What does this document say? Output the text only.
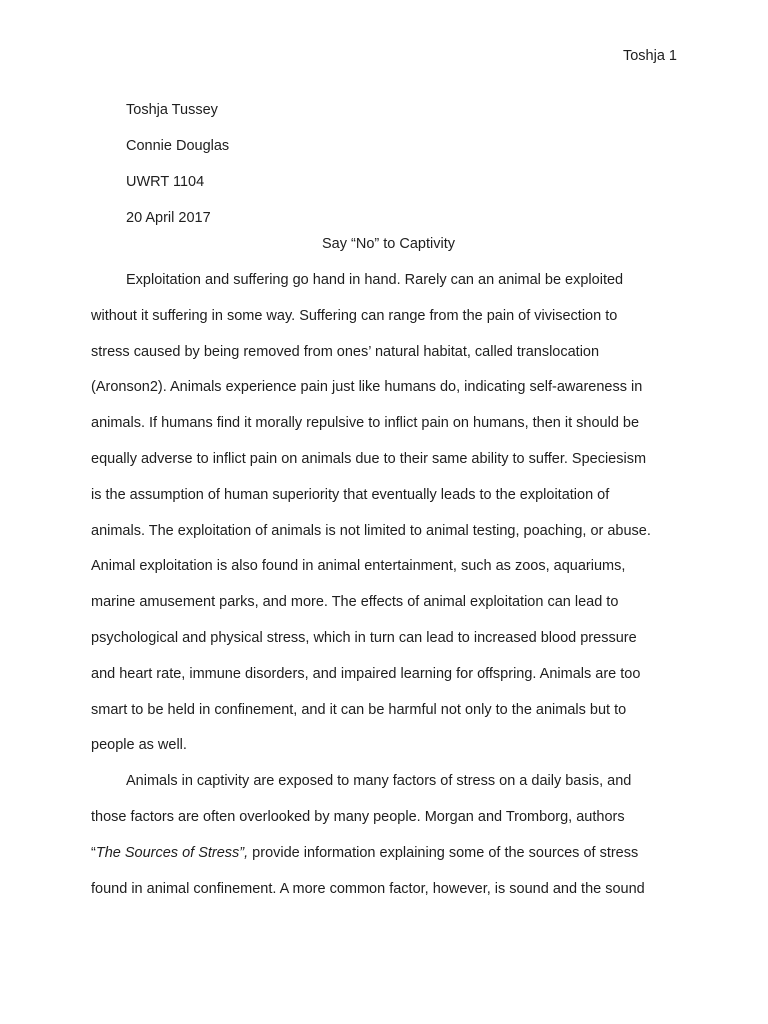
Toshja 1
Toshja Tussey
Connie Douglas
UWRT 1104
20 April 2017
Say “No” to Captivity
Exploitation and suffering go hand in hand. Rarely can an animal be exploited
without it suffering in some way. Suffering can range from the pain of vivisection to
stress caused by being removed from ones’ natural habitat, called translocation
(Aronson2). Animals experience pain just like humans do, indicating self-awareness in
animals. If humans find it morally repulsive to inflict pain on humans, then it should be
equally adverse to inflict pain on animals due to their same ability to suffer. Speciesism
is the assumption of human superiority that eventually leads to the exploitation of
animals. The exploitation of animals is not limited to animal testing, poaching, or abuse.
Animal exploitation is also found in animal entertainment, such as zoos, aquariums,
marine amusement parks, and more. The effects of animal exploitation can lead to
psychological and physical stress, which in turn can lead to increased blood pressure
and heart rate, immune disorders, and impaired learning for offspring. Animals are too
smart to be held in confinement, and it can be harmful not only to the animals but to
people as well.
Animals in captivity are exposed to many factors of stress on a daily basis, and
those factors are often overlooked by many people. Morgan and Tromborg, authors
“The Sources of Stress”, provide information explaining some of the sources of stress
found in animal confinement. A more common factor, however, is sound and the sound
